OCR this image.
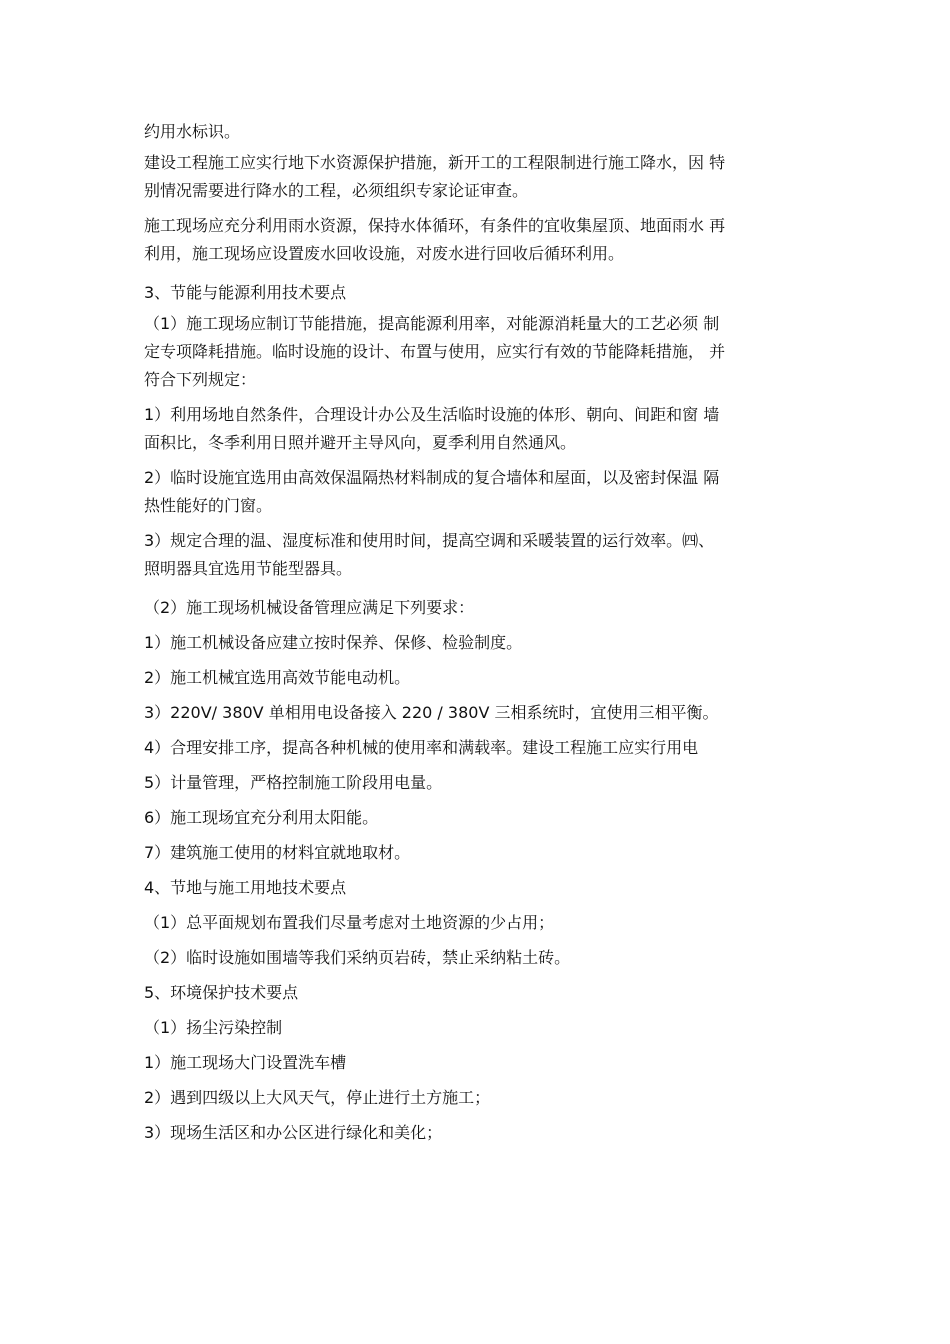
约用水标识。

建设工程施工应实行地下水资源保护措施，新开工的工程限制进行施工降水，因 特
别情况需要进行降水的工程，必须组织专家论证审查。

施工现场应充分利用雨水资源，保持水体循环，有条件的宜收集屋顶、地面雨水 再
利用，施工现场应设置废水回收设施，对废水进行回收后循环利用。

3、节能与能源利用技术要点

（1）施工现场应制订节能措施，提高能源利用率，对能源消耗量大的工艺必须 制
定专项降耗措施。临时设施的设计、布置与使用，应实行有效的节能降耗措施， 并
符合下列规定：

1）利用场地自然条件，合理设计办公及生活临时设施的体形、朝向、间距和窗 墙
面积比，冬季利用日照并避开主导风向，夏季利用自然通风。

2）临时设施宜选用由高效保温隔热材料制成的复合墙体和屋面，以及密封保温 隔
热性能好的门窗。

3）规定合理的温、湿度标准和使用时间，提高空调和采暖装置的运行效率。㈣、
照明器具宜选用节能型器具。

（2）施工现场机械设备管理应满足下列要求：

1）施工机械设备应建立按时保养、保修、检验制度。

2）施工机械宜选用高效节能电动机。

3）220V/ 380V 单相用电设备接入 220 / 380V 三相系统时，宜使用三相平衡。

4）合理安排工序，提高各种机械的使用率和满载率。建设工程施工应实行用电

5）计量管理，严格控制施工阶段用电量。

6）施工现场宜充分利用太阳能。

7）建筑施工使用的材料宜就地取材。

4、节地与施工用地技术要点

（1）总平面规划布置我们尽量考虑对土地资源的少占用；

（2）临时设施如围墙等我们采纳页岩砖，禁止采纳粘土砖。

5、环境保护技术要点

（1）扬尘污染控制

1）施工现场大门设置洗车槽

2）遇到四级以上大风天气，停止进行土方施工；

3）现场生活区和办公区进行绿化和美化；
